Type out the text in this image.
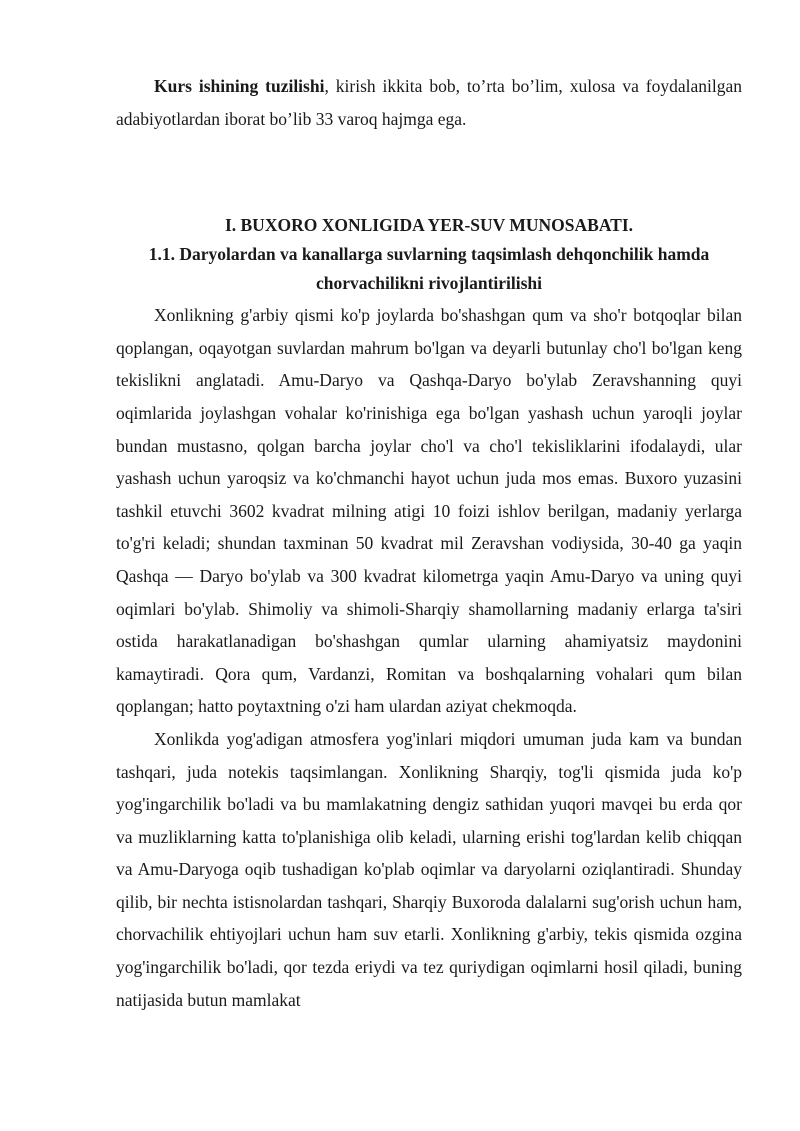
Kurs ishining tuzilishi, kirish ikkita bob, to’rta bo’lim, xulosa va foydalanilgan adabiyotlardan iborat bo’lib 33 varoq hajmga ega.

I. BUXORO XONLIGIDA YER-SUV MUNOSABATI.
1.1. Daryolardan va kanallarga suvlarning taqsimlash dehqonchilik hamda chorvachilikni rivojlantirilishi

Xonlikning g'arbiy qismi ko'p joylarda bo'shashgan qum va sho'r botqoqlar bilan qoplangan, oqayotgan suvlardan mahrum bo'lgan va deyarli butunlay cho'l bo'lgan keng tekislikni anglatadi. Amu-Daryo va Qashqa-Daryo bo'ylab Zeravshanning quyi oqimlarida joylashgan vohalar ko'rinishiga ega bo'lgan yashash uchun yaroqli joylar bundan mustasno, qolgan barcha joylar cho'l va cho'l tekisliklarini ifodalaydi, ular yashash uchun yaroqsiz va ko'chmanchi hayot uchun juda mos emas. Buxoro yuzasini tashkil etuvchi 3602 kvadrat milning atigi 10 foizi ishlov berilgan, madaniy yerlarga to'g'ri keladi; shundan taxminan 50 kvadrat mil Zeravshan vodiysida, 30-40 ga yaqin Qashqa — Daryo bo'ylab va 300 kvadrat kilometrga yaqin Amu-Daryo va uning quyi oqimlari bo'ylab. Shimoliy va shimoli-Sharqiy shamollarning madaniy erlarga ta'siri ostida harakatlanadigan bo'shashgan qumlar ularning ahamiyatsiz maydonini kamaytiradi. Qora qum, Vardanzi, Romitan va boshqalarning vohalari qum bilan qoplangan; hatto poytaxtning o'zi ham ulardan aziyat chekmoqda.

Xonlikda yog'adigan atmosfera yog'inlari miqdori umuman juda kam va bundan tashqari, juda notekis taqsimlangan. Xonlikning Sharqiy, tog'li qismida juda ko'p yog'ingarchilik bo'ladi va bu mamlakatning dengiz sathidan yuqori mavqei bu erda qor va muzliklarning katta to'planishiga olib keladi, ularning erishi tog'lardan kelib chiqqan va Amu-Daryoga oqib tushadigan ko'plab oqimlar va daryolarni oziqlantiradi. Shunday qilib, bir nechta istisnolardan tashqari, Sharqiy Buxoroda dalalarni sug'orish uchun ham, chorvachilik ehtiyojlari uchun ham suv etarli. Xonlikning g'arbiy, tekis qismida ozgina yog'ingarchilik bo'ladi, qor tezda eriydi va tez quriydigan oqimlarni hosil qiladi, buning natijasida butun mamlakat
